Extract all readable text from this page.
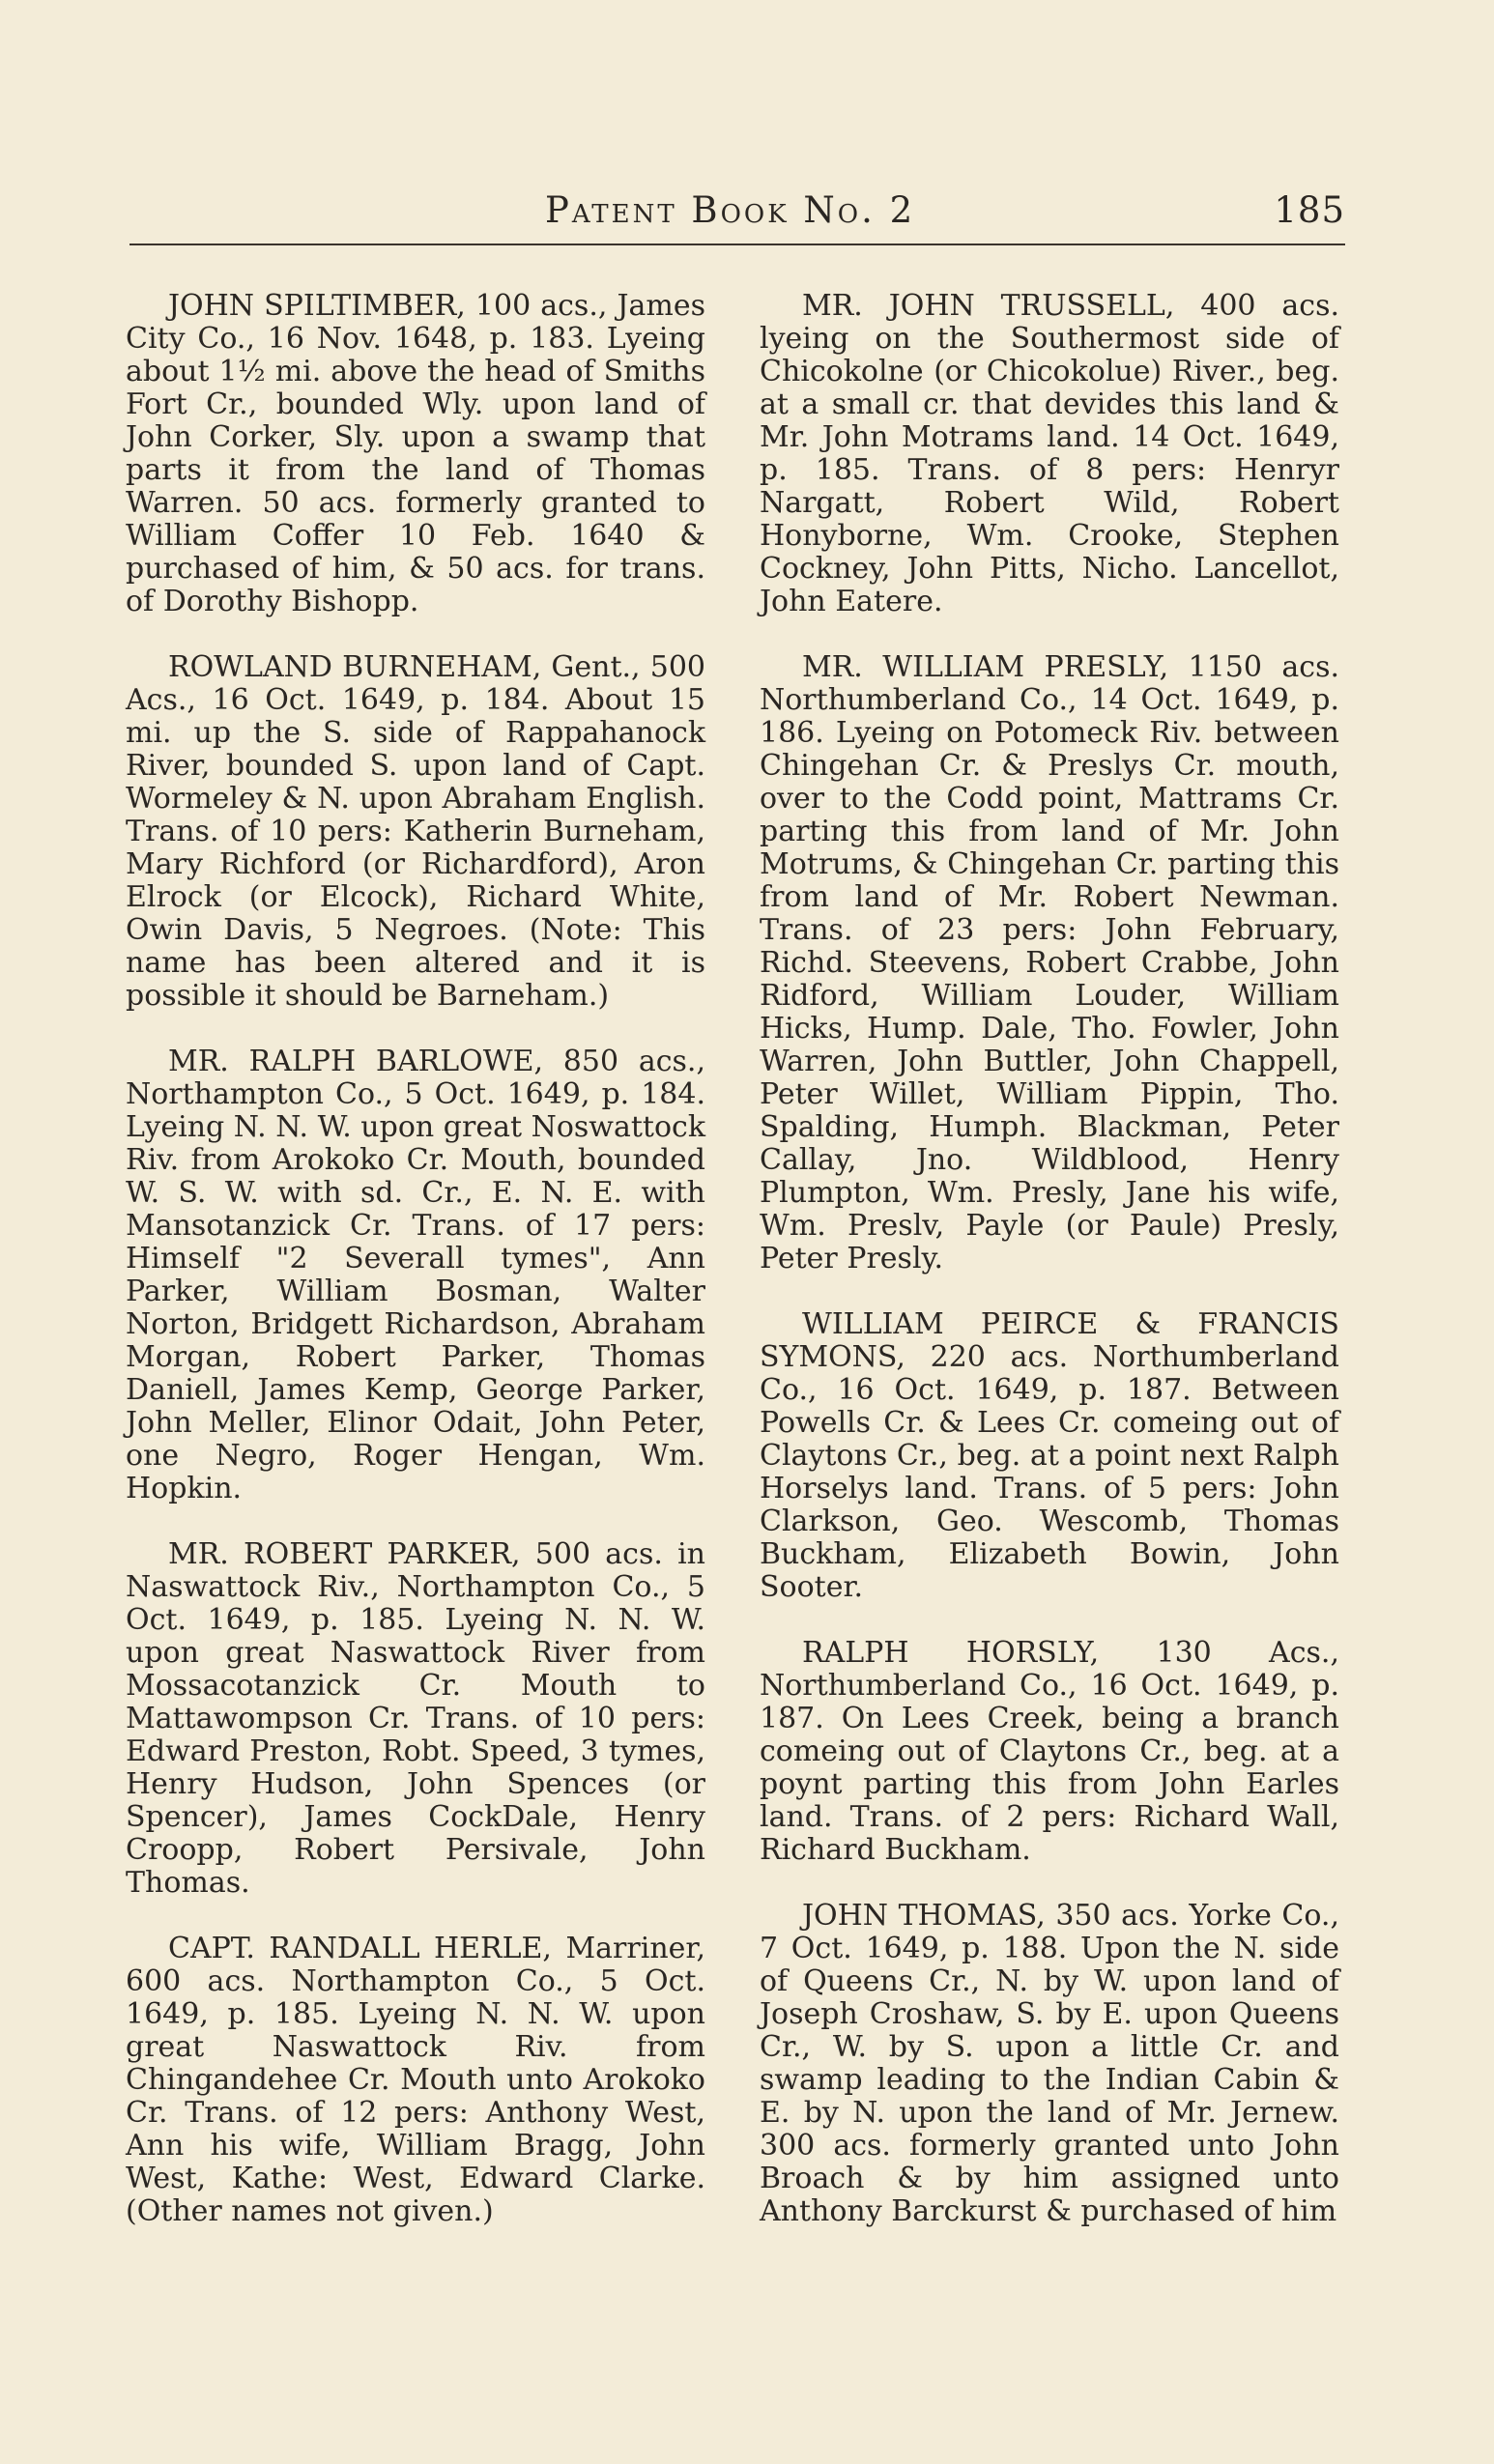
Patent Book No. 2	185

JOHN SPILTIMBER, 100 acs., James City Co., 16 Nov. 1648, p. 183. Lyeing about 1½ mi. above the head of Smiths Fort Cr., bounded Wly. upon land of John Corker, Sly. upon a swamp that parts it from the land of Thomas Warren. 50 acs. formerly granted to William Coffer 10 Feb. 1640 & purchased of him, & 50 acs. for trans. of Dorothy Bishopp.

ROWLAND BURNEHAM, Gent., 500 Acs., 16 Oct. 1649, p. 184. About 15 mi. up the S. side of Rappahanock River, bounded S. upon land of Capt. Wormeley & N. upon Abraham English. Trans. of 10 pers: Katherin Burneham, Mary Richford (or Richardford), Aron Elrock (or Elcock), Richard White, Owin Davis, 5 Negroes. (Note: This name has been altered and it is possible it should be Barneham.)

MR. RALPH BARLOWE, 850 acs., Northampton Co., 5 Oct. 1649, p. 184. Lyeing N. N. W. upon great Noswattock Riv. from Arokoko Cr. Mouth, bounded W. S. W. with sd. Cr., E. N. E. with Mansotanzick Cr. Trans. of 17 pers: Himself "2 Severall tymes", Ann Parker, William Bosman, Walter Norton, Bridgett Richardson, Abraham Morgan, Robert Parker, Thomas Daniell, James Kemp, George Parker, John Meller, Elinor Odait, John Peter, one Negro, Roger Hengan, Wm. Hopkin.

MR. ROBERT PARKER, 500 acs. in Naswattock Riv., Northampton Co., 5 Oct. 1649, p. 185. Lyeing N. N. W. upon great Naswattock River from Mossacotanzick Cr. Mouth to Mattawompson Cr. Trans. of 10 pers: Edward Preston, Robt. Speed, 3 tymes, Henry Hudson, John Spences (or Spencer), James CockDale, Henry Croopp, Robert Persivale, John Thomas.

CAPT. RANDALL HERLE, Marriner, 600 acs. Northampton Co., 5 Oct. 1649, p. 185. Lyeing N. N. W. upon great Naswattock Riv. from Chingandehee Cr. Mouth unto Arokoko Cr. Trans. of 12 pers: Anthony West, Ann his wife, William Bragg, John West, Kathe: West, Edward Clarke. (Other names not given.)

MR. JOHN TRUSSELL, 400 acs. lyeing on the Southermost side of Chicokolne (or Chicokolue) River., beg. at a small cr. that devides this land & Mr. John Motrams land. 14 Oct. 1649, p. 185. Trans. of 8 pers: Henryr Nargatt, Robert Wild, Robert Honyborne, Wm. Crooke, Stephen Cockney, John Pitts, Nicho. Lancellot, John Eatere.

MR. WILLIAM PRESLY, 1150 acs. Northumberland Co., 14 Oct. 1649, p. 186. Lyeing on Potomeck Riv. between Chingehan Cr. & Preslys Cr. mouth, over to the Codd point, Mattrams Cr. parting this from land of Mr. John Motrums, & Chingehan Cr. parting this from land of Mr. Robert Newman. Trans. of 23 pers: John February, Richd. Steevens, Robert Crabbe, John Ridford, William Louder, William Hicks, Hump. Dale, Tho. Fowler, John Warren, John Buttler, John Chappell, Peter Willet, William Pippin, Tho. Spalding, Humph. Blackman, Peter Callay, Jno. Wildblood, Henry Plumpton, Wm. Presly, Jane his wife, Wm. Preslv, Payle (or Paule) Presly, Peter Presly.

WILLIAM PEIRCE & FRANCIS SYMONS, 220 acs. Northumberland Co., 16 Oct. 1649, p. 187. Between Powells Cr. & Lees Cr. comeing out of Claytons Cr., beg. at a point next Ralph Horselys land. Trans. of 5 pers: John Clarkson, Geo. Wescomb, Thomas Buckham, Elizabeth Bowin, John Sooter.

RALPH HORSLY, 130 Acs., Northumberland Co., 16 Oct. 1649, p. 187. On Lees Creek, being a branch comeing out of Claytons Cr., beg. at a poynt parting this from John Earles land. Trans. of 2 pers: Richard Wall, Richard Buckham.

JOHN THOMAS, 350 acs. Yorke Co., 7 Oct. 1649, p. 188. Upon the N. side of Queens Cr., N. by W. upon land of Joseph Croshaw, S. by E. upon Queens Cr., W. by S. upon a little Cr. and swamp leading to the Indian Cabin & E. by N. upon the land of Mr. Jernew. 300 acs. formerly granted unto John Broach & by him assigned unto Anthony Barckurst & purchased of him
